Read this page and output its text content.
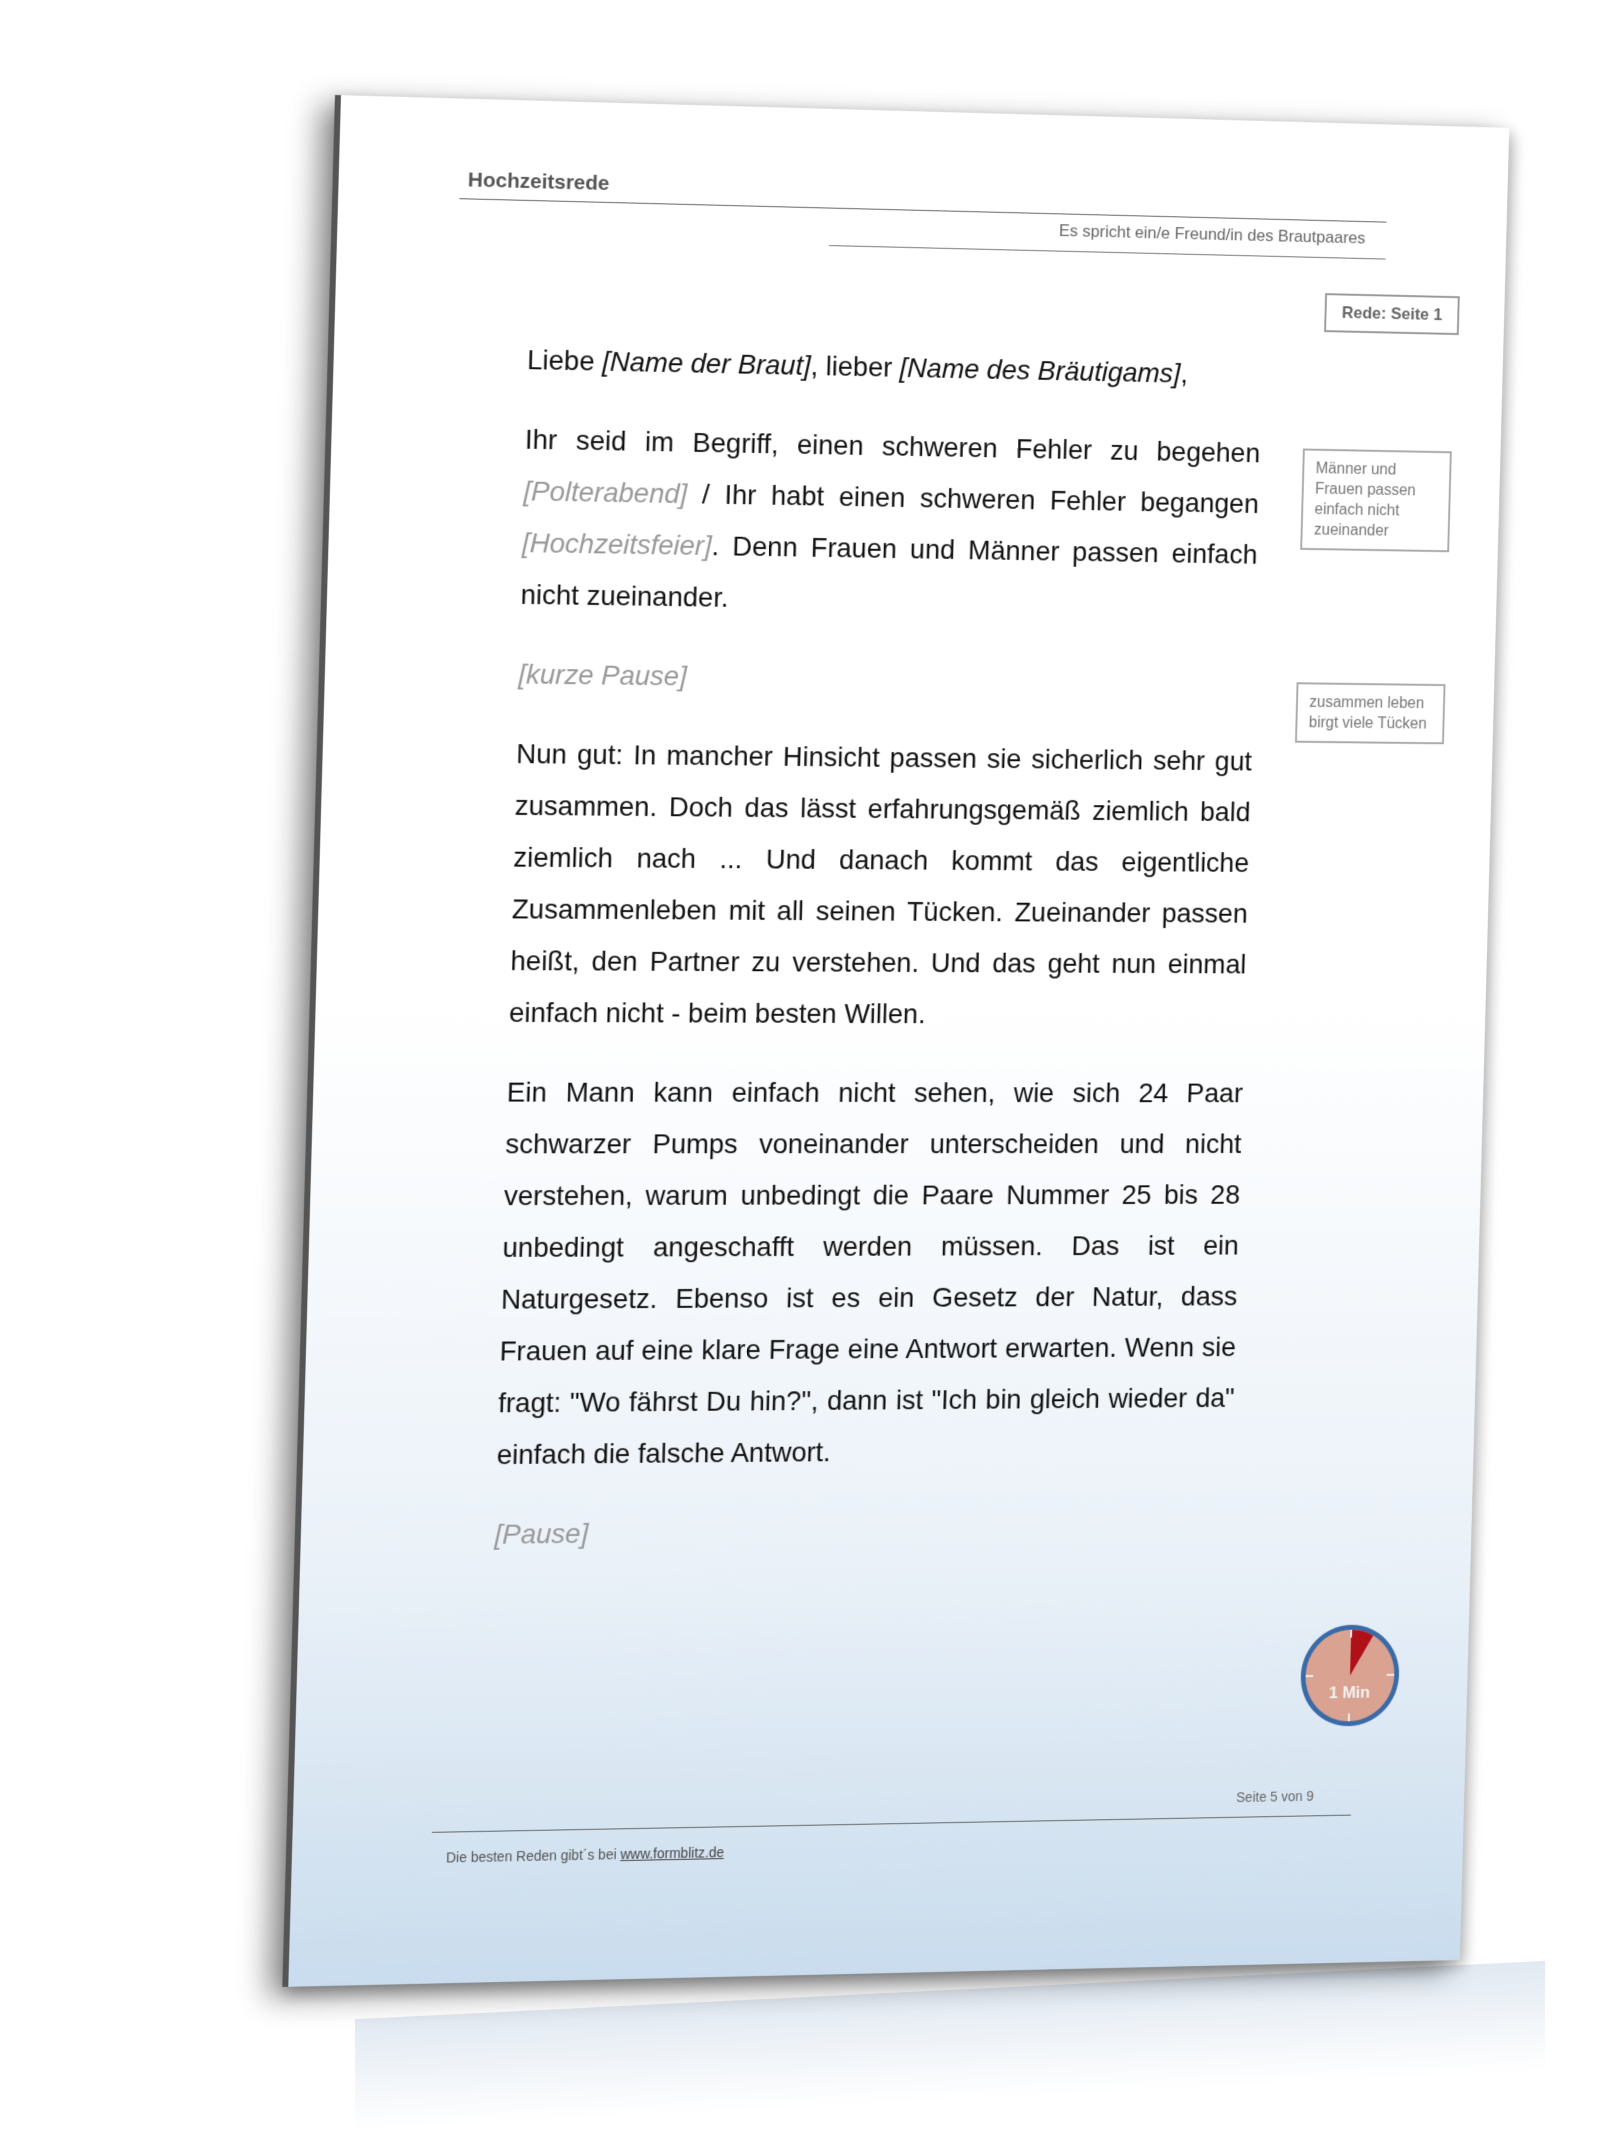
Hochzeitsrede
Es spricht ein/e Freund/in des Brautpaares
Rede: Seite 1
Männer und Frauen passen einfach nicht zueinander
zusammen leben birgt viele Tücken

Liebe [Name der Braut], lieber [Name des Bräutigams],

Ihr seid im Begriff, einen schweren Fehler zu begehen [Polterabend] / Ihr habt einen schweren Fehler begangen [Hochzeitsfeier]. Denn Frauen und Männer passen einfach nicht zueinander.

[kurze Pause]

Nun gut: In mancher Hinsicht passen sie sicherlich sehr gut zusammen. Doch das lässt erfahrungsgemäß ziemlich bald ziemlich nach ... Und danach kommt das eigentliche Zusammenleben mit all seinen Tücken. Zueinander passen heißt, den Partner zu verstehen. Und das geht nun einmal einfach nicht - beim besten Willen.

Ein Mann kann einfach nicht sehen, wie sich 24 Paar schwarzer Pumps voneinander unterscheiden und nicht verstehen, warum unbedingt die Paare Nummer 25 bis 28 unbedingt angeschafft werden müssen. Das ist ein Naturgesetz. Ebenso ist es ein Gesetz der Natur, dass Frauen auf eine klare Frage eine Antwort erwarten. Wenn sie fragt: "Wo fährst Du hin?", dann ist "Ich bin gleich wieder da" einfach die falsche Antwort.

[Pause]

1 Min
Seite 5 von 9
Die besten Reden gibt´s bei www.formblitz.de
